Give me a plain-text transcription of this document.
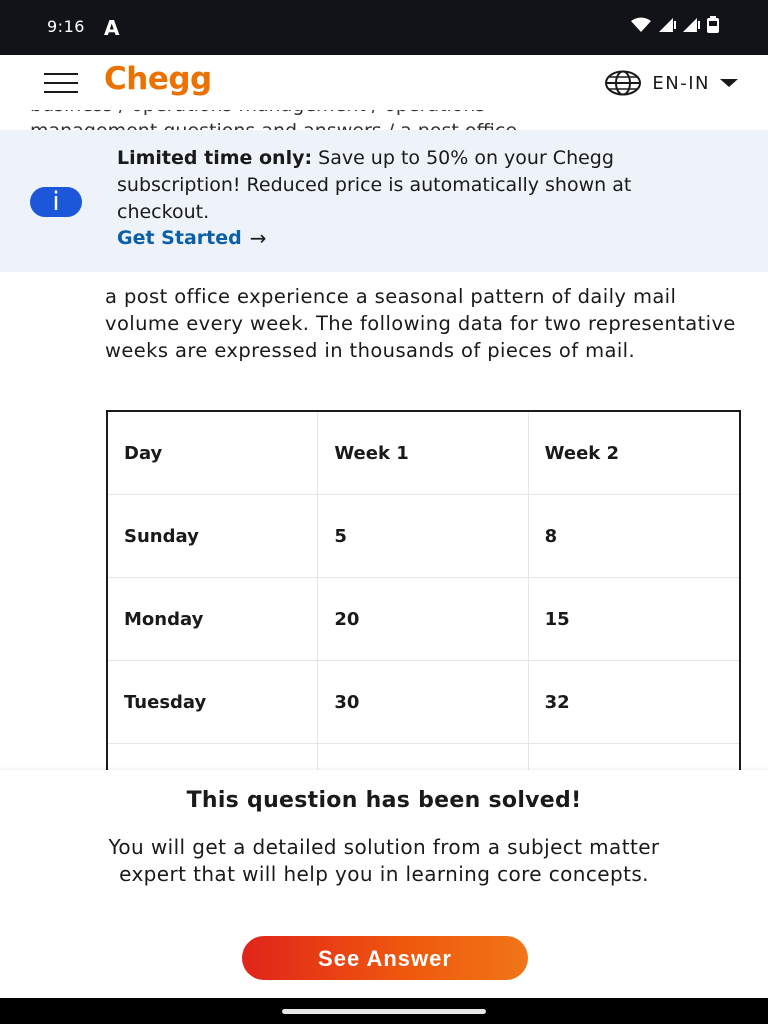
9:16 A
Chegg	EN-IN
i
Limited time only: Save up to 50% on your Chegg subscription! Reduced price is automatically shown at checkout.
Get Started →
a post office experience a seasonal pattern of daily mail volume every week. The following data for two representative weeks are expressed in thousands of pieces of mail.
Day	Week 1	Week 2
Sunday	5	8
Monday	20	15
Tuesday	30	32
This question has been solved!
You will get a detailed solution from a subject matter expert that will help you in learning core concepts.
See Answer
